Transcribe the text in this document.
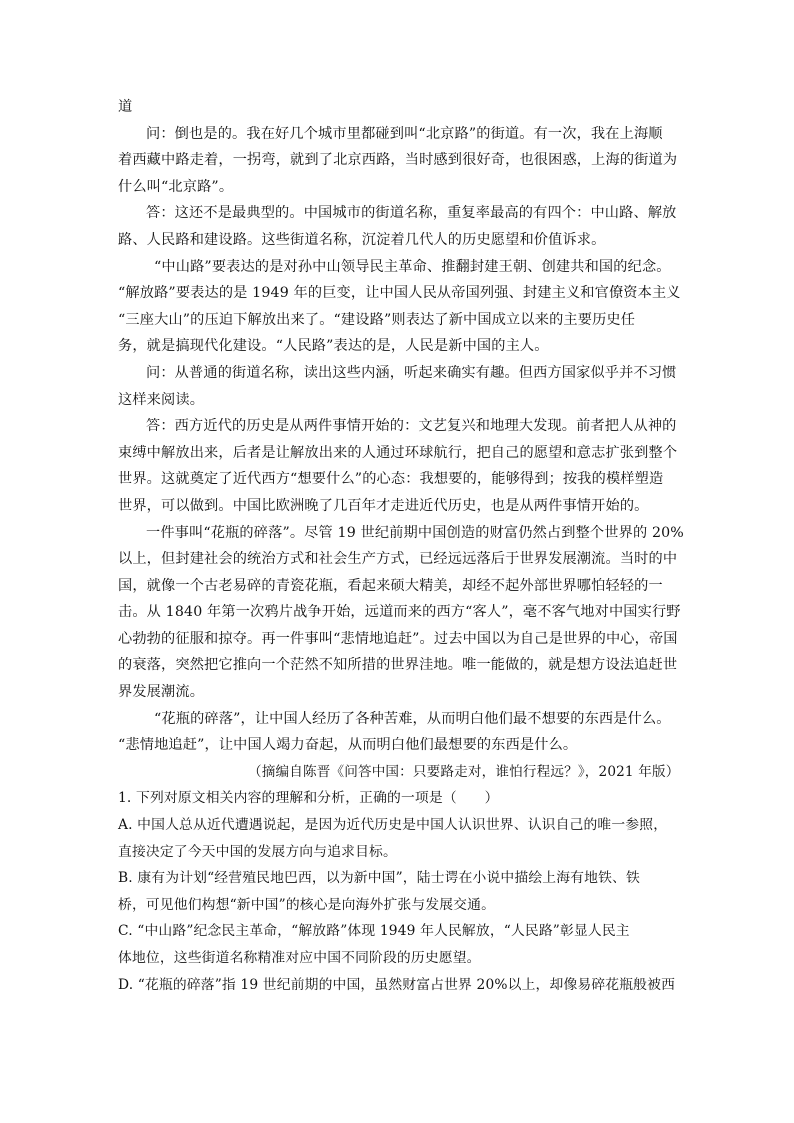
道
问：倒也是的。我在好几个城市里都碰到叫“北京路”的街道。有一次，我在上海顺
着西藏中路走着，一拐弯，就到了北京西路，当时感到很好奇，也很困惑，上海的街道为
什么叫“北京路”。
答：这还不是最典型的。中国城市的街道名称，重复率最高的有四个：中山路、解放
路、人民路和建设路。这些街道名称，沉淀着几代人的历史愿望和价值诉求。
“中山路”要表达的是对孙中山领导民主革命、推翻封建王朝、创建共和国的纪念。
“解放路”要表达的是 1949 年的巨变，让中国人民从帝国列强、封建主义和官僚资本主义
“三座大山”的压迫下解放出来了。“建设路”则表达了新中国成立以来的主要历史任
务，就是搞现代化建设。“人民路”表达的是，人民是新中国的主人。
问：从普通的街道名称，读出这些内涵，听起来确实有趣。但西方国家似乎并不习惯
这样来阅读。
答：西方近代的历史是从两件事情开始的：文艺复兴和地理大发现。前者把人从神的
束缚中解放出来，后者是让解放出来的人通过环球航行，把自己的愿望和意志扩张到整个
世界。这就奠定了近代西方“想要什么”的心态：我想要的，能够得到；按我的模样塑造
世界，可以做到。中国比欧洲晚了几百年才走进近代历史，也是从两件事情开始的。
一件事叫“花瓶的碎落”。尽管 19 世纪前期中国创造的财富仍然占到整个世界的 20%
以上，但封建社会的统治方式和社会生产方式，已经远远落后于世界发展潮流。当时的中
国，就像一个古老易碎的青瓷花瓶，看起来硕大精美，却经不起外部世界哪怕轻轻的一
击。从 1840 年第一次鸦片战争开始，远道而来的西方“客人”，毫不客气地对中国实行野
心勃勃的征服和掠夺。再一件事叫“悲情地追赶”。过去中国以为自己是世界的中心，帝国
的衰落，突然把它推向一个茫然不知所措的世界洼地。唯一能做的，就是想方设法追赶世
界发展潮流。
“花瓶的碎落”，让中国人经历了各种苦难，从而明白他们最不想要的东西是什么。
“悲情地追赶”，让中国人竭力奋起，从而明白他们最想要的东西是什么。
（摘编自陈晋《问答中国：只要路走对，谁怕行程远？》，2021 年版）
1. 下列对原文相关内容的理解和分析，正确的一项是（　　）
A. 中国人总从近代遭遇说起，是因为近代历史是中国人认识世界、认识自己的唯一参照，
直接决定了今天中国的发展方向与追求目标。
B. 康有为计划“经营殖民地巴西，以为新中国”，陆士谔在小说中描绘上海有地铁、铁
桥，可见他们构想“新中国”的核心是向海外扩张与发展交通。
C. “中山路”纪念民主革命，“解放路”体现 1949 年人民解放，“人民路”彰显人民主
体地位，这些街道名称精准对应中国不同阶段的历史愿望。
D. “花瓶的碎落”指 19 世纪前期的中国，虽然财富占世界 20%以上，却像易碎花瓶般被西
